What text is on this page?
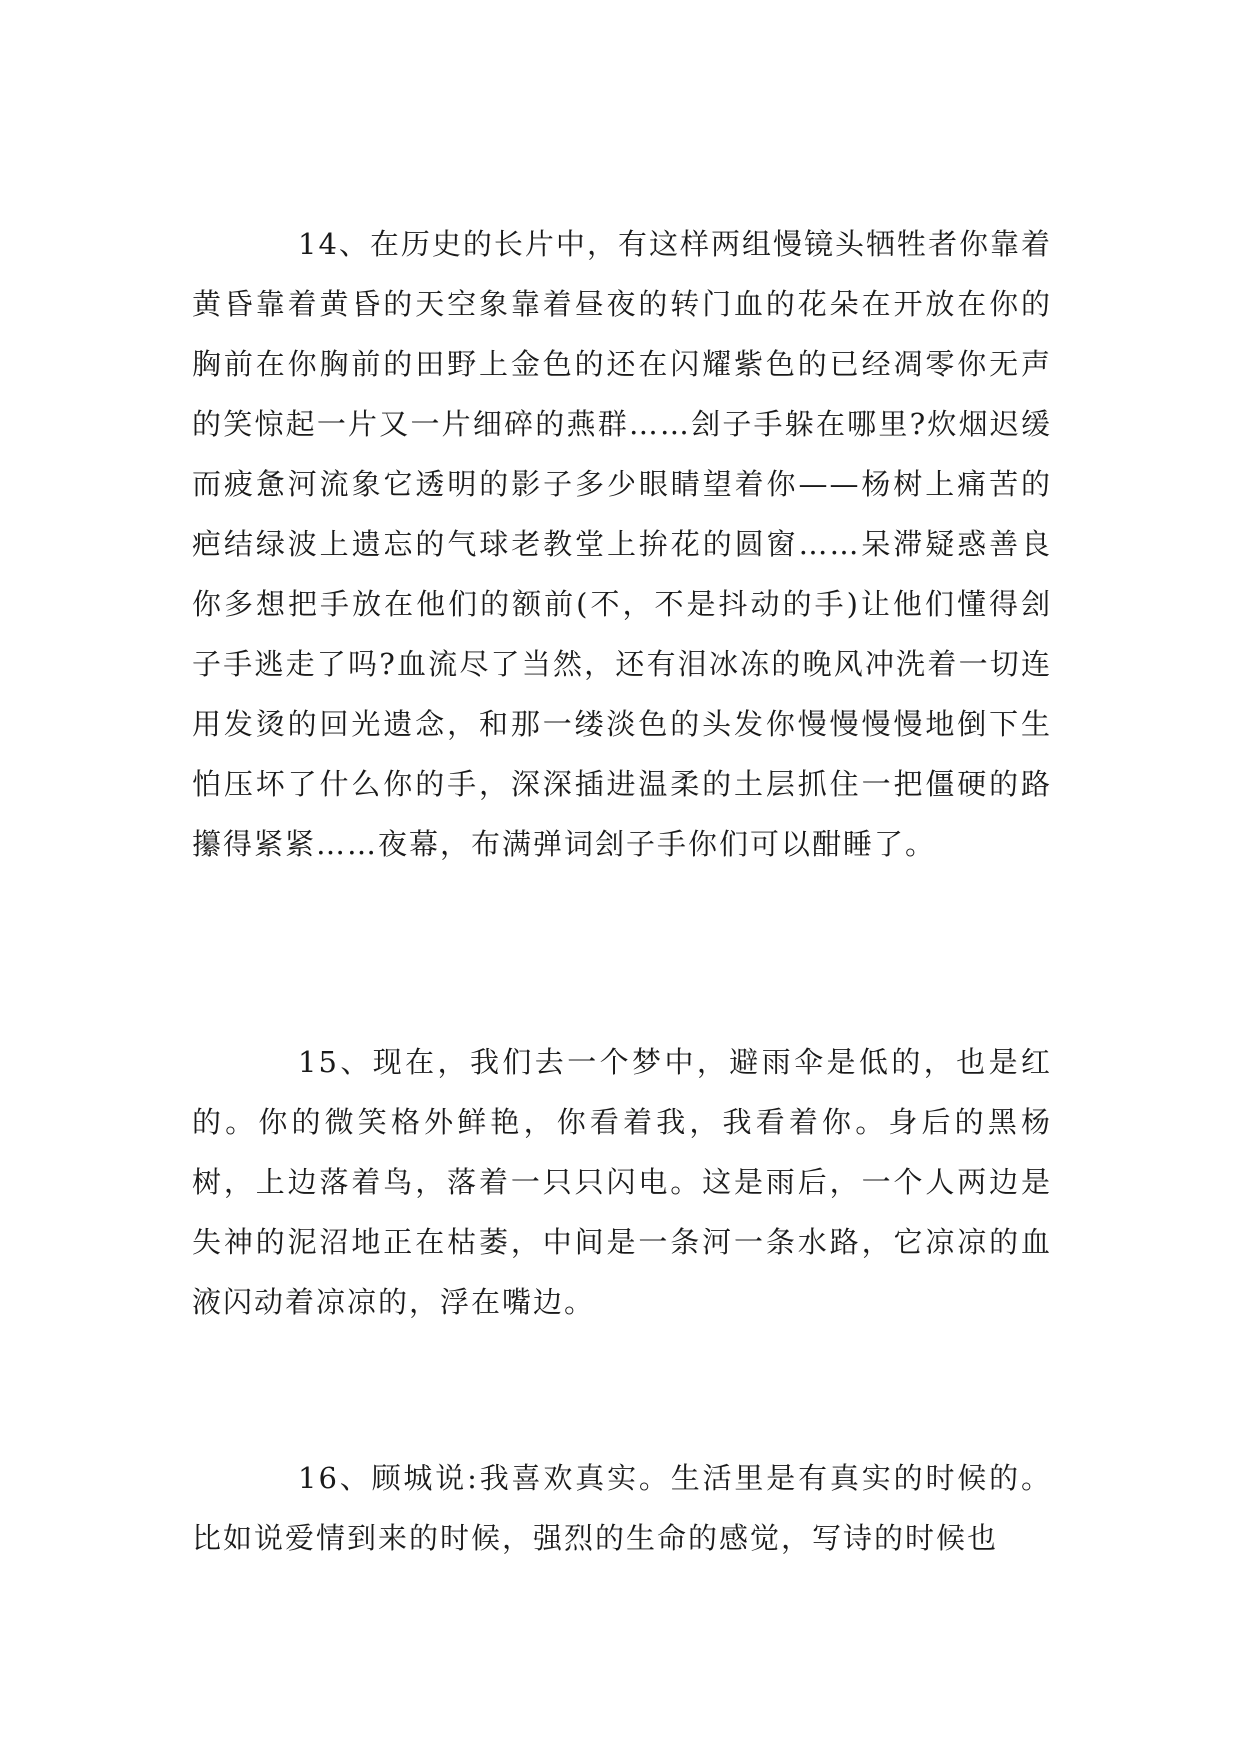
14、在历史的长片中，有这样两组慢镜头牺牲者你靠着黄昏靠着黄昏的天空象靠着昼夜的转门血的花朵在开放在你的胸前在你胸前的田野上金色的还在闪耀紫色的已经凋零你无声的笑惊起一片又一片细碎的燕群……刽子手躲在哪里?炊烟迟缓而疲惫河流象它透明的影子多少眼睛望着你——杨树上痛苦的疤结绿波上遗忘的气球老教堂上拚花的圆窗……呆滞疑惑善良你多想把手放在他们的额前(不，不是抖动的手)让他们懂得刽子手逃走了吗?血流尽了当然，还有泪冰冻的晚风冲洗着一切连用发烫的回光遗念，和那一缕淡色的头发你慢慢慢慢地倒下生怕压坏了什么你的手，深深插进温柔的土层抓住一把僵硬的路攥得紧紧……夜幕，布满弹词刽子手你们可以酣睡了。

15、现在，我们去一个梦中，避雨伞是低的，也是红的。你的微笑格外鲜艳，你看着我，我看着你。身后的黑杨树，上边落着鸟，落着一只只闪电。这是雨后，一个人两边是失神的泥沼地正在枯萎，中间是一条河一条水路，它凉凉的血液闪动着凉凉的，浮在嘴边。

16、顾城说:我喜欢真实。生活里是有真实的时候的。比如说爱情到来的时候，强烈的生命的感觉，写诗的时候也
